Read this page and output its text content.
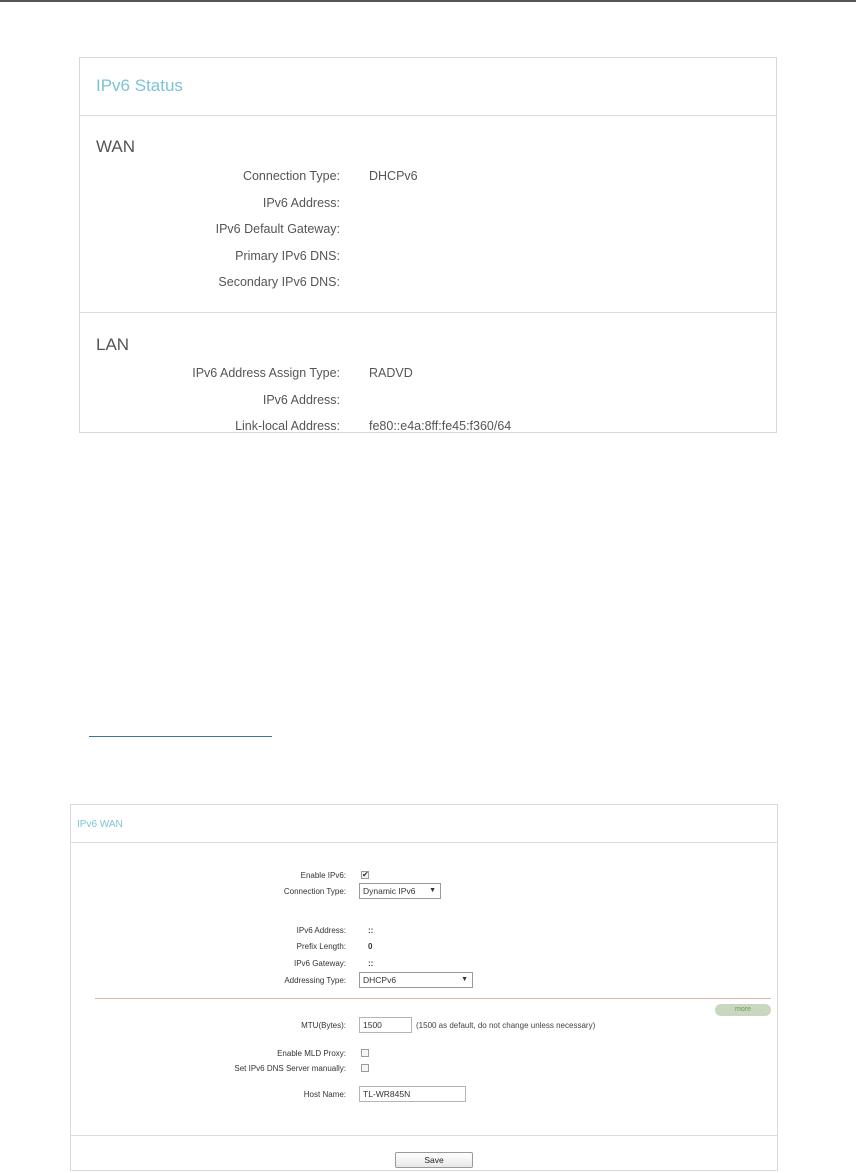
IPv6 Status
WAN
Connection Type: DHCPv6
IPv6 Address:
IPv6 Default Gateway:
Primary IPv6 DNS:
Secondary IPv6 DNS:
LAN
IPv6 Address Assign Type: RADVD
IPv6 Address:
Link-local Address: fe80::e4a:8ff:fe45:f360/64
IPv6 WAN
Enable IPv6: ✔
Connection Type:	Dynamic IPv6 ▼
IPv6 Address:	::
Prefix Length:	0
IPv6 Gateway:	::
Addressing Type:	DHCPv6	▼
more
MTU(Bytes):	1500	(1500 as default, do not change unless necessary)
Enable MLD Proxy:
Set IPv6 DNS Server manually:
Host Name:	TL-WR845N
Save
